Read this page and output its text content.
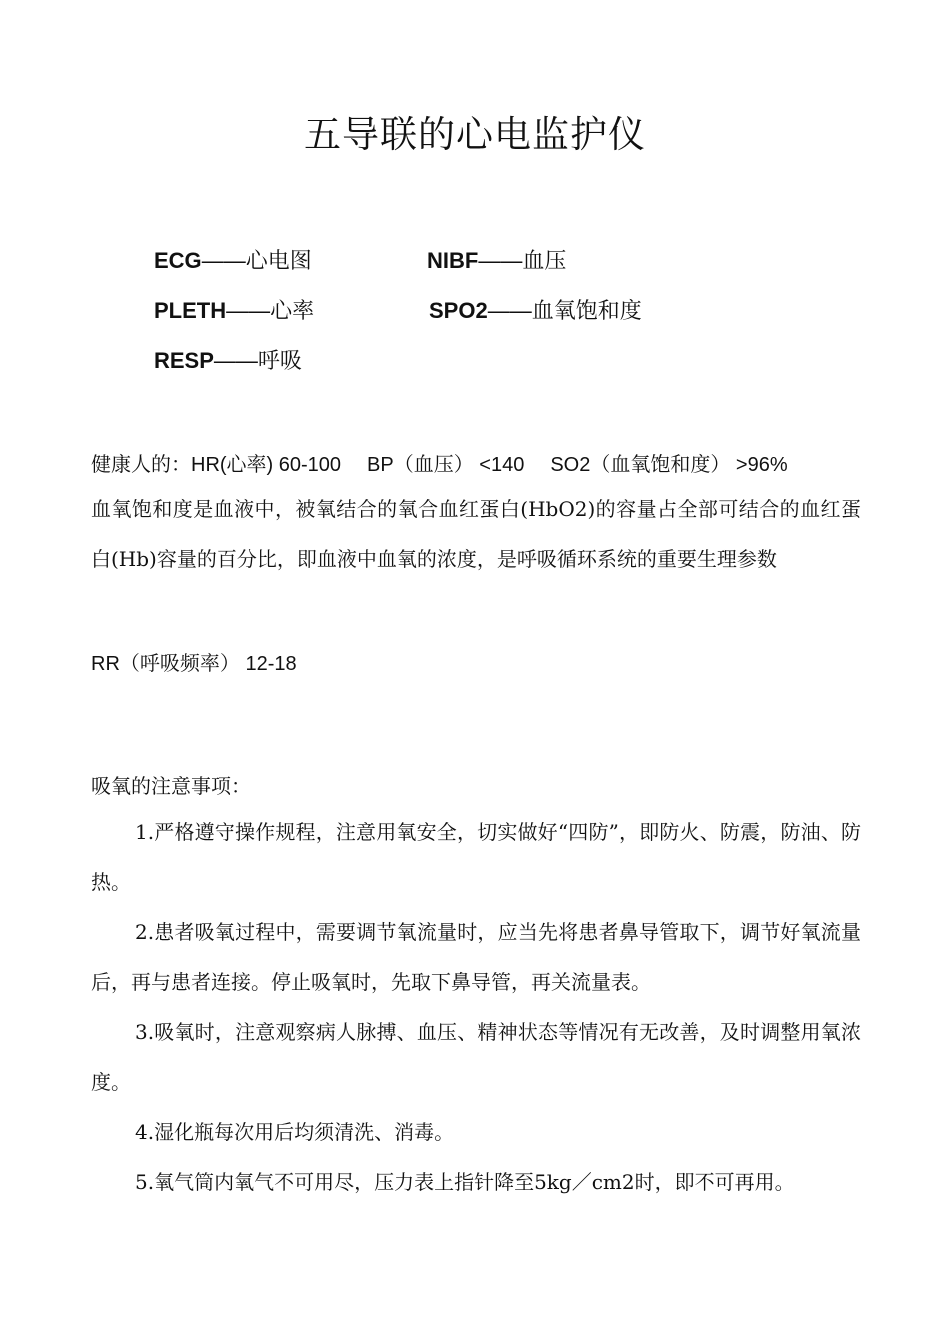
五导联的心电监护仪
ECG——心电图	NIBF——血压
PLETH——心率	SPO2——血氧饱和度
RESP——呼吸
健康人的：HR(心率) 60-100 BP（血压） <140 SO2（血氧饱和度） >96%
血氧饱和度是血液中，被氧结合的氧合血红蛋白(HbO2)的容量占全部可结合的血红蛋白(Hb)容量的百分比，即血液中血氧的浓度，是呼吸循环系统的重要生理参数
RR（呼吸频率） 12-18
吸氧的注意事项：
1.严格遵守操作规程，注意用氧安全，切实做好“四防”，即防火、防震，防油、防热。
2.患者吸氧过程中，需要调节氧流量时，应当先将患者鼻导管取下，调节好氧流量后，再与患者连接。停止吸氧时，先取下鼻导管，再关流量表。
3.吸氧时，注意观察病人脉搏、血压、精神状态等情况有无改善，及时调整用氧浓度。
4.湿化瓶每次用后均须清洗、消毒。
5.氧气筒内氧气不可用尽，压力表上指针降至5kg／cm2时，即不可再用。
